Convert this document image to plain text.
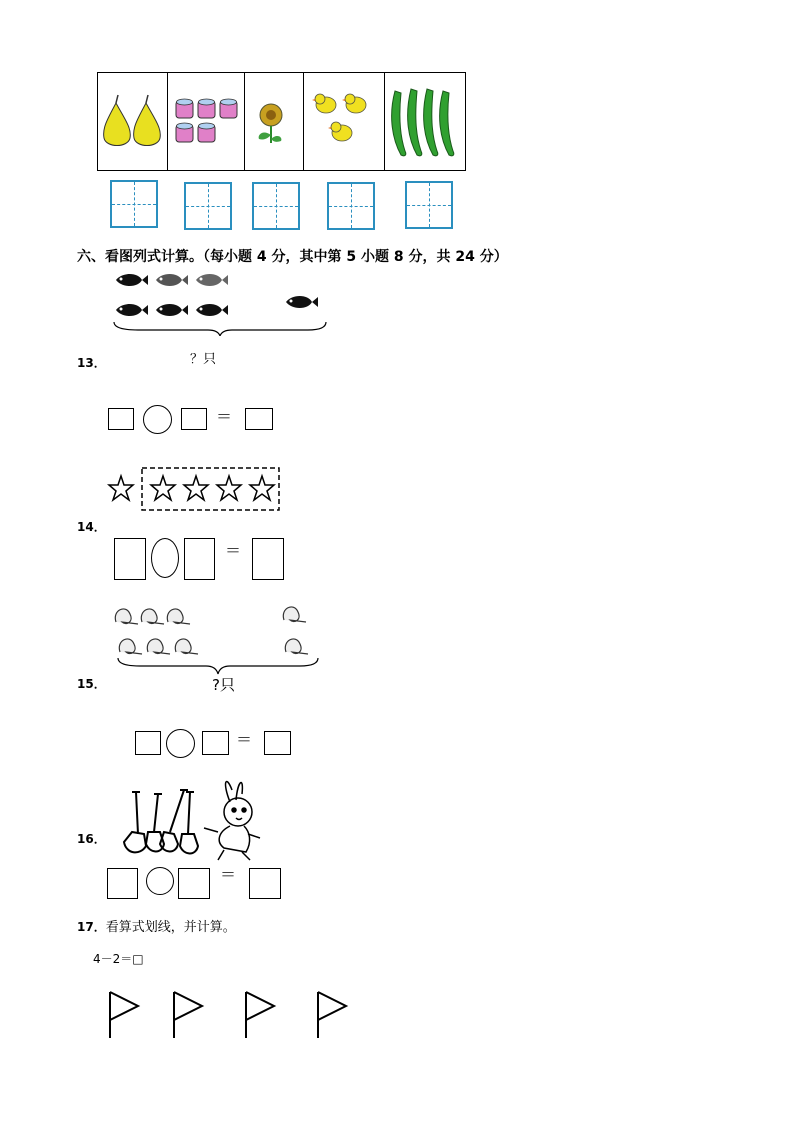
六、看图列式计算。（每小题 4 分，其中第 5 小题 8 分，共 24 分）
13．	？只
＝
14．
＝
15．	?只
＝
16．
＝
17．看算式划线，并计算。
4－2＝□
